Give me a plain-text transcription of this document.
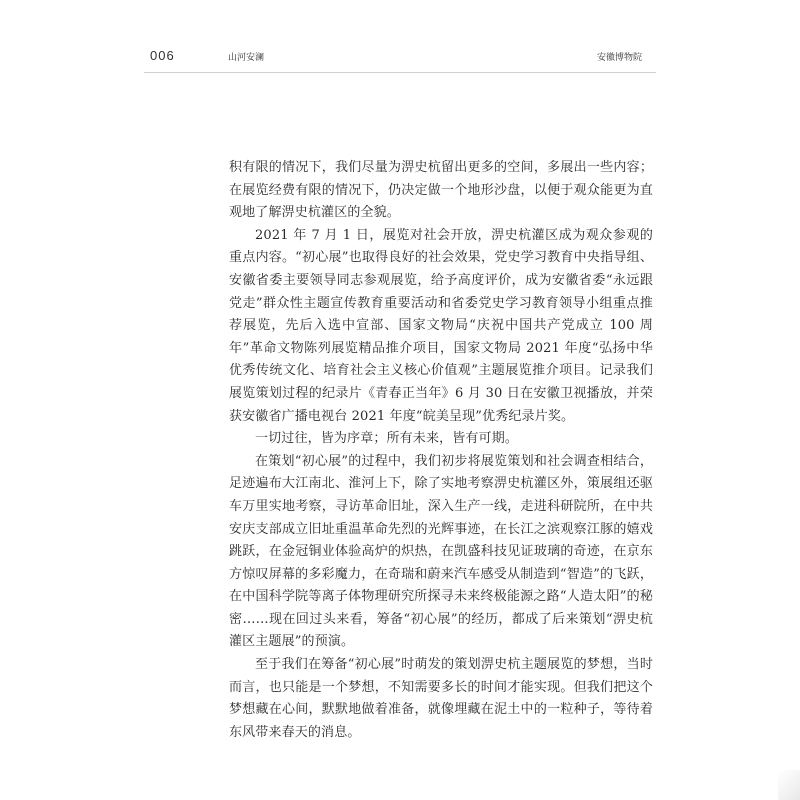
006	山河安澜	安徽博物院

积有限的情况下，我们尽量为淠史杭留出更多的空间，多展出一些内容；在展览经费有限的情况下，仍决定做一个地形沙盘，以便于观众能更为直观地了解淠史杭灌区的全貌。

2021 年 7 月 1 日，展览对社会开放，淠史杭灌区成为观众参观的重点内容。“初心展”也取得良好的社会效果，党史学习教育中央指导组、安徽省委主要领导同志参观展览，给予高度评价，成为安徽省委“永远跟党走”群众性主题宣传教育重要活动和省委党史学习教育领导小组重点推荐展览，先后入选中宣部、国家文物局“庆祝中国共产党成立 100 周年”革命文物陈列展览精品推介项目，国家文物局 2021 年度“弘扬中华优秀传统文化、培育社会主义核心价值观”主题展览推介项目。记录我们展览策划过程的纪录片《青春正当年》6 月 30 日在安徽卫视播放，并荣获安徽省广播电视台 2021 年度“皖美呈现”优秀纪录片奖。

一切过往，皆为序章；所有未来，皆有可期。

在策划“初心展”的过程中，我们初步将展览策划和社会调查相结合，足迹遍布大江南北、淮河上下，除了实地考察淠史杭灌区外，策展组还驱车万里实地考察，寻访革命旧址，深入生产一线，走进科研院所，在中共安庆支部成立旧址重温革命先烈的光辉事迹，在长江之滨观察江豚的嬉戏跳跃，在金冠铜业体验高炉的炽热，在凯盛科技见证玻璃的奇迹，在京东方惊叹屏幕的多彩魔力，在奇瑞和蔚来汽车感受从制造到“智造”的飞跃，在中国科学院等离子体物理研究所探寻未来终极能源之路“人造太阳”的秘密……现在回过头来看，筹备“初心展”的经历，都成了后来策划“淠史杭灌区主题展”的预演。

至于我们在筹备“初心展”时萌发的策划淠史杭主题展览的梦想，当时而言，也只能是一个梦想，不知需要多长的时间才能实现。但我们把这个梦想藏在心间，默默地做着准备，就像埋藏在泥土中的一粒种子，等待着东风带来春天的消息。
